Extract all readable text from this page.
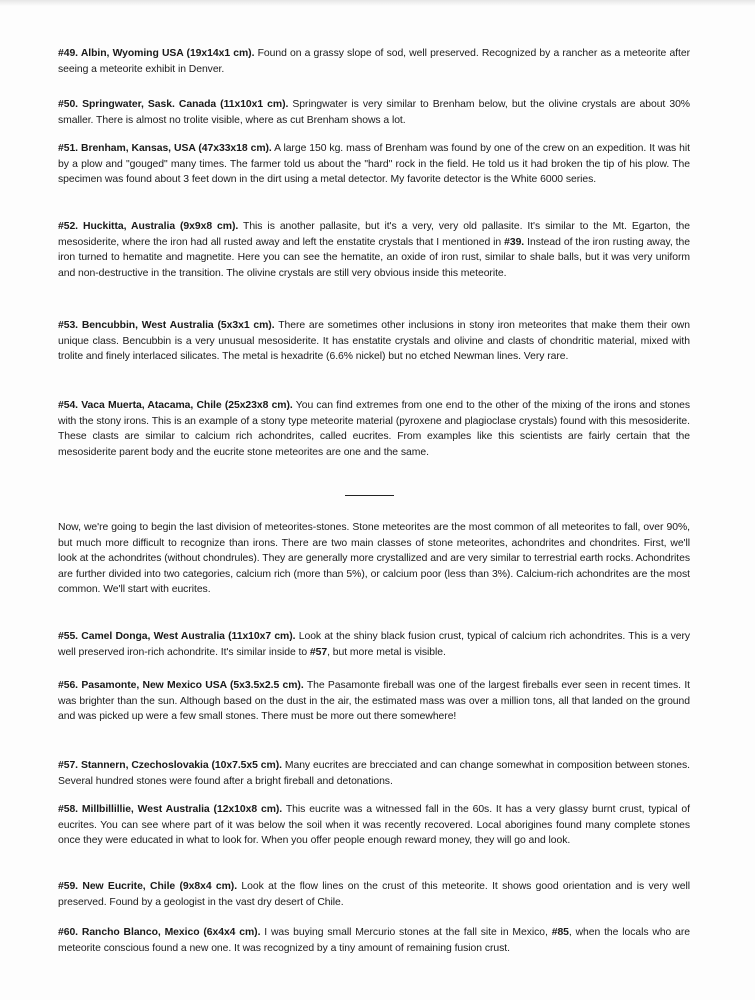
#49. Albin, Wyoming USA (19x14x1 cm). Found on a grassy slope of sod, well preserved. Recognized by a rancher as a meteorite after seeing a meteorite exhibit in Denver.

#50. Springwater, Sask. Canada (11x10x1 cm). Springwater is very similar to Brenham below, but the olivine crystals are about 30% smaller. There is almost no trolite visible, where as cut Brenham shows a lot.

#51. Brenham, Kansas, USA (47x33x18 cm). A large 150 kg. mass of Brenham was found by one of the crew on an expedition. It was hit by a plow and "gouged" many times. The farmer told us about the "hard" rock in the field. He told us it had broken the tip of his plow. The specimen was found about 3 feet down in the dirt using a metal detector. My favorite detector is the White 6000 series.

#52. Huckitta, Australia (9x9x8 cm). This is another pallasite, but it's a very, very old pallasite. It's similar to the Mt. Egarton, the mesosiderite, where the iron had all rusted away and left the enstatite crystals that I mentioned in #39. Instead of the iron rusting away, the iron turned to hematite and magnetite. Here you can see the hematite, an oxide of iron rust, similar to shale balls, but it was very uniform and non-destructive in the transition. The olivine crystals are still very obvious inside this meteorite.

#53. Bencubbin, West Australia (5x3x1 cm). There are sometimes other inclusions in stony iron meteorites that make them their own unique class. Bencubbin is a very unusual mesosiderite. It has enstatite crystals and olivine and clasts of chondritic material, mixed with trolite and finely interlaced silicates. The metal is hexadrite (6.6% nickel) but no etched Newman lines. Very rare.

#54. Vaca Muerta, Atacama, Chile (25x23x8 cm). You can find extremes from one end to the other of the mixing of the irons and stones with the stony irons. This is an example of a stony type meteorite material (pyroxene and plagioclase crystals) found with this mesosiderite. These clasts are similar to calcium rich achondrites, called eucrites. From examples like this scientists are fairly certain that the mesosiderite parent body and the eucrite stone meteorites are one and the same.

Now, we're going to begin the last division of meteorites-stones. Stone meteorites are the most common of all meteorites to fall, over 90%, but much more difficult to recognize than irons. There are two main classes of stone meteorites, achondrites and chondrites. First, we'll look at the achondrites (without chondrules). They are generally more crystallized and are very similar to terrestrial earth rocks. Achondrites are further divided into two categories, calcium rich (more than 5%), or calcium poor (less than 3%). Calcium-rich achondrites are the most common. We'll start with eucrites.

#55. Camel Donga, West Australia (11x10x7 cm). Look at the shiny black fusion crust, typical of calcium rich achondrites. This is a very well preserved iron-rich achondrite. It's similar inside to #57, but more metal is visible.

#56. Pasamonte, New Mexico USA (5x3.5x2.5 cm). The Pasamonte fireball was one of the largest fireballs ever seen in recent times. It was brighter than the sun. Although based on the dust in the air, the estimated mass was over a million tons, all that landed on the ground and was picked up were a few small stones. There must be more out there somewhere!

#57. Stannern, Czechoslovakia (10x7.5x5 cm). Many eucrites are brecciated and can change somewhat in composition between stones. Several hundred stones were found after a bright fireball and detonations.

#58. Millbillillie, West Australia (12x10x8 cm). This eucrite was a witnessed fall in the 60s. It has a very glassy burnt crust, typical of eucrites. You can see where part of it was below the soil when it was recently recovered. Local aborigines found many complete stones once they were educated in what to look for. When you offer people enough reward money, they will go and look.

#59. New Eucrite, Chile (9x8x4 cm). Look at the flow lines on the crust of this meteorite. It shows good orientation and is very well preserved. Found by a geologist in the vast dry desert of Chile.

#60. Rancho Blanco, Mexico (6x4x4 cm). I was buying small Mercurio stones at the fall site in Mexico, #85, when the locals who are meteorite conscious found a new one. It was recognized by a tiny amount of remaining fusion crust.
